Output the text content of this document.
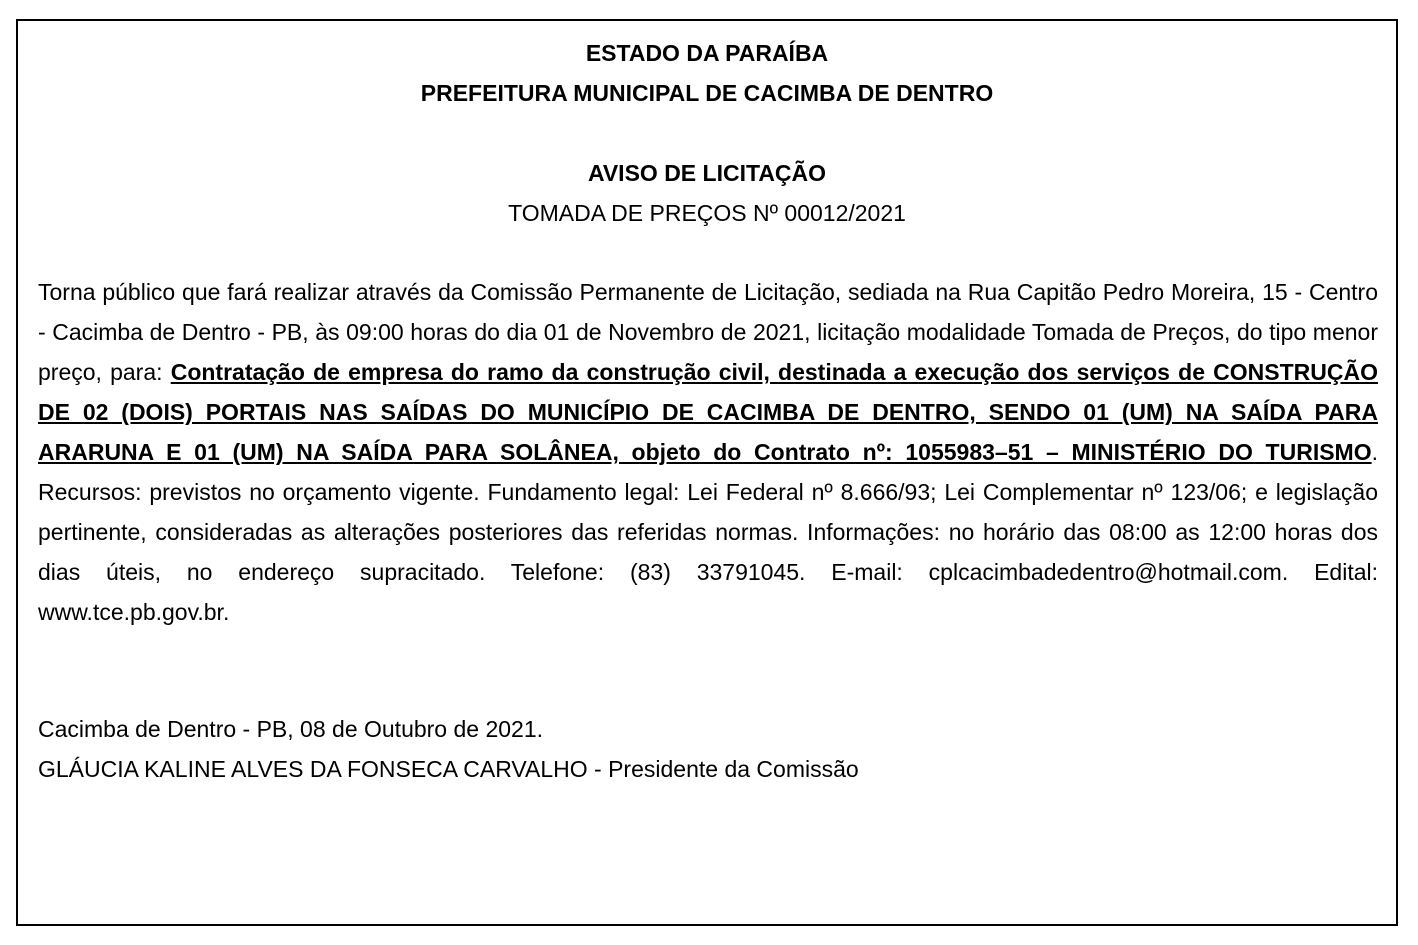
ESTADO DA PARAÍBA

PREFEITURA MUNICIPAL DE CACIMBA DE DENTRO

AVISO DE LICITAÇÃO

TOMADA DE PREÇOS Nº 00012/2021

Torna público que fará realizar através da Comissão Permanente de Licitação, sediada na Rua Capitão Pedro Moreira, 15 - Centro - Cacimba de Dentro - PB, às 09:00 horas do dia 01 de Novembro de 2021, licitação modalidade Tomada de Preços, do tipo menor preço, para: Contratação de empresa do ramo da construção civil, destinada a execução dos serviços de CONSTRUÇÃO DE 02 (DOIS) PORTAIS NAS SAÍDAS DO MUNICÍPIO DE CACIMBA DE DENTRO, SENDO 01 (UM) NA SAÍDA PARA ARARUNA E 01 (UM) NA SAÍDA PARA SOLÂNEA, objeto do Contrato nº: 1055983–51 – MINISTÉRIO DO TURISMO. Recursos: previstos no orçamento vigente. Fundamento legal: Lei Federal nº 8.666/93; Lei Complementar nº 123/06; e legislação pertinente, consideradas as alterações posteriores das referidas normas. Informações: no horário das 08:00 as 12:00 horas dos dias úteis, no endereço supracitado. Telefone: (83) 33791045. E-mail: cplcacimbadedentro@hotmail.com. Edital: www.tce.pb.gov.br.

Cacimba de Dentro - PB, 08 de Outubro de 2021.

GLÁUCIA KALINE ALVES DA FONSECA CARVALHO - Presidente da Comissão
